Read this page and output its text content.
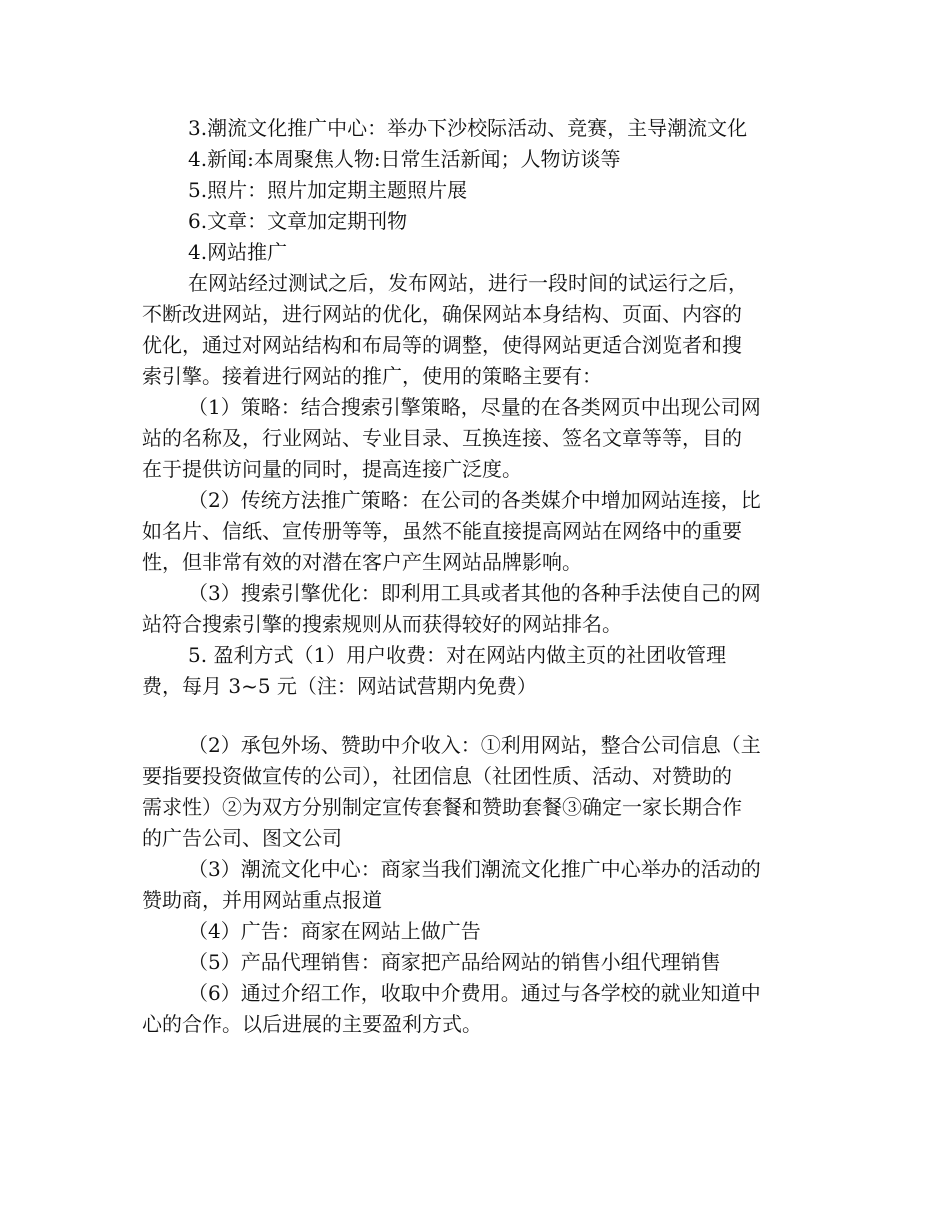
3.潮流文化推广中心：举办下沙校际活动、竞赛，主导潮流文化
4.新闻:本周聚焦人物:日常生活新闻；人物访谈等
5.照片：照片加定期主题照片展
6.文章：文章加定期刊物
4.网站推广
在网站经过测试之后，发布网站，进行一段时间的试运行之后，
不断改进网站，进行网站的优化，确保网站本身结构、页面、内容的
优化，通过对网站结构和布局等的调整，使得网站更适合浏览者和搜
索引擎。接着进行网站的推广，使用的策略主要有：
（1）策略：结合搜索引擎策略，尽量的在各类网页中出现公司网
站的名称及，行业网站、专业目录、互换连接、签名文章等等，目的
在于提供访问量的同时，提高连接广泛度。
（2）传统方法推广策略：在公司的各类媒介中增加网站连接，比
如名片、信纸、宣传册等等，虽然不能直接提高网站在网络中的重要
性，但非常有效的对潜在客户产生网站品牌影响。
（3）搜索引擎优化：即利用工具或者其他的各种手法使自己的网
站符合搜索引擎的搜索规则从而获得较好的网站排名。
5. 盈利方式（1）用户收费：对在网站内做主页的社团收管理
费，每月 3~5 元（注：网站试营期内免费）
（2）承包外场、赞助中介收入：①利用网站，整合公司信息（主
要指要投资做宣传的公司），社团信息（社团性质、活动、对赞助的
需求性）②为双方分别制定宣传套餐和赞助套餐③确定一家长期合作
的广告公司、图文公司
（3）潮流文化中心：商家当我们潮流文化推广中心举办的活动的
赞助商，并用网站重点报道
（4）广告：商家在网站上做广告
（5）产品代理销售：商家把产品给网站的销售小组代理销售
（6）通过介绍工作，收取中介费用。通过与各学校的就业知道中
心的合作。以后进展的主要盈利方式。
